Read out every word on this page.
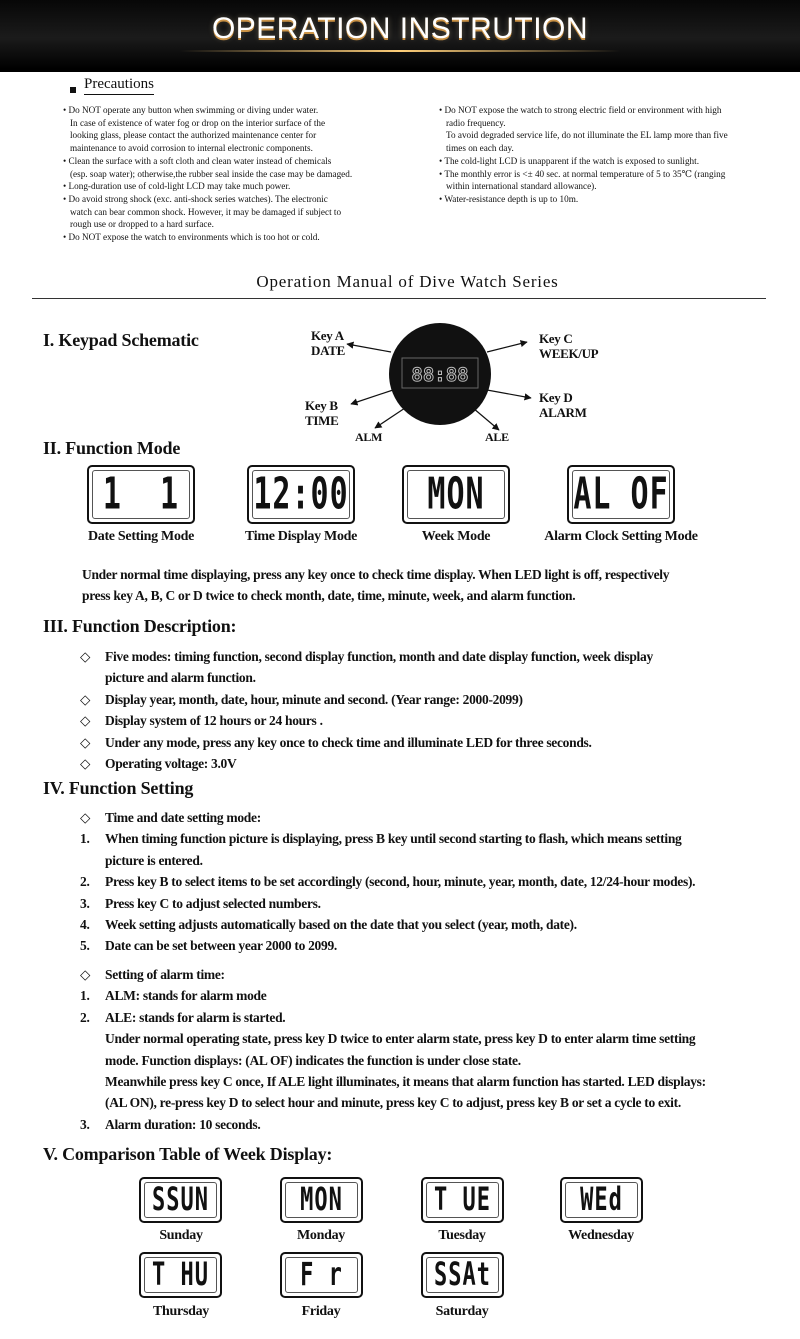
OPERATION INSTRUTION
Precautions

• Do NOT operate any button when swimming or diving under water.

In case of existence of water fog or drop on the interior surface of the

looking glass, please contact the authorized maintenance center for

maintenance to avoid corrosion to internal electronic components.

• Clean the surface with a soft cloth and clean water instead of chemicals

(esp. soap water); otherwise,the rubber seal inside the case may be damaged.

• Long-duration use of cold-light LCD may take much power.

• Do avoid strong shock (exc. anti-shock series watches). The electronic

watch can bear common shock. However, it may be damaged if subject to

rough use or dropped to a hard surface.

• Do NOT expose the watch to environments which is too hot or cold.

• Do NOT expose the watch to strong electric field or environment with high

radio frequency.

To avoid degraded service life, do not illuminate the EL lamp more than five

times on each day.

• The cold-light LCD is unapparent if the watch is exposed to sunlight.

• The monthly error is <± 40 sec. at normal temperature of 5 to 35℃ (ranging

within international standard allowance).

• Water-resistance depth is up to 10m.

Operation Manual of Dive Watch Series
I. Keypad Schematic
88:88
Key A
DATE
Key B
TIME
Key C
WEEK/UP
Key D
ALARM
ALM	ALE
II. Function Mode
1  1 12:00	MON	AL OF
Date Setting Mode	Time Display Mode	Week Mode	Alarm Clock Setting Mode
Under normal time displaying, press any key once to check time display. When LED light is off, respectively
press key A, B, C or D twice to check month, date, time, minute, week, and alarm function.
III. Function Description:
◇	Five modes: timing function, second display function, month and date display function, week display
picture and alarm function.
◇	Display year, month, date, hour, minute and second. (Year range: 2000-2099)
◇	Display system of 12 hours or 24 hours .
◇	Under any mode, press any key once to check time and illuminate LED for three seconds.
◇	Operating voltage: 3.0V
IV. Function Setting
◇	Time and date setting mode:
1.	When timing function picture is displaying, press B key until second starting to flash, which means setting
picture is entered.
2.	Press key B to select items to be set accordingly (second, hour, minute, year, month, date, 12/24-hour modes).
3.	Press key C to adjust selected numbers.
4.	Week setting adjusts automatically based on the date that you select (year, moth, date).
5.	Date can be set between year 2000 to 2099.
◇	Setting of alarm time:
1.	ALM: stands for alarm mode
2.	ALE: stands for alarm is started.
Under normal operating state, press key D twice to enter alarm state, press key D to enter alarm time setting
mode. Function displays: (AL OF) indicates the function is under close state.
Meanwhile press key C once, If ALE light illuminates, it means that alarm function has started. LED displays:
(AL ON), re-press key D to select hour and minute, press key C to adjust, press key B or set a cycle to exit.
3.	Alarm duration: 10 seconds.
V. Comparison Table of Week Display:
SSUN	MON	T UE	WEd
T HU	F r	SSAt
Sunday	Monday	Tuesday	Wednesday
Thursday	Friday	Saturday
